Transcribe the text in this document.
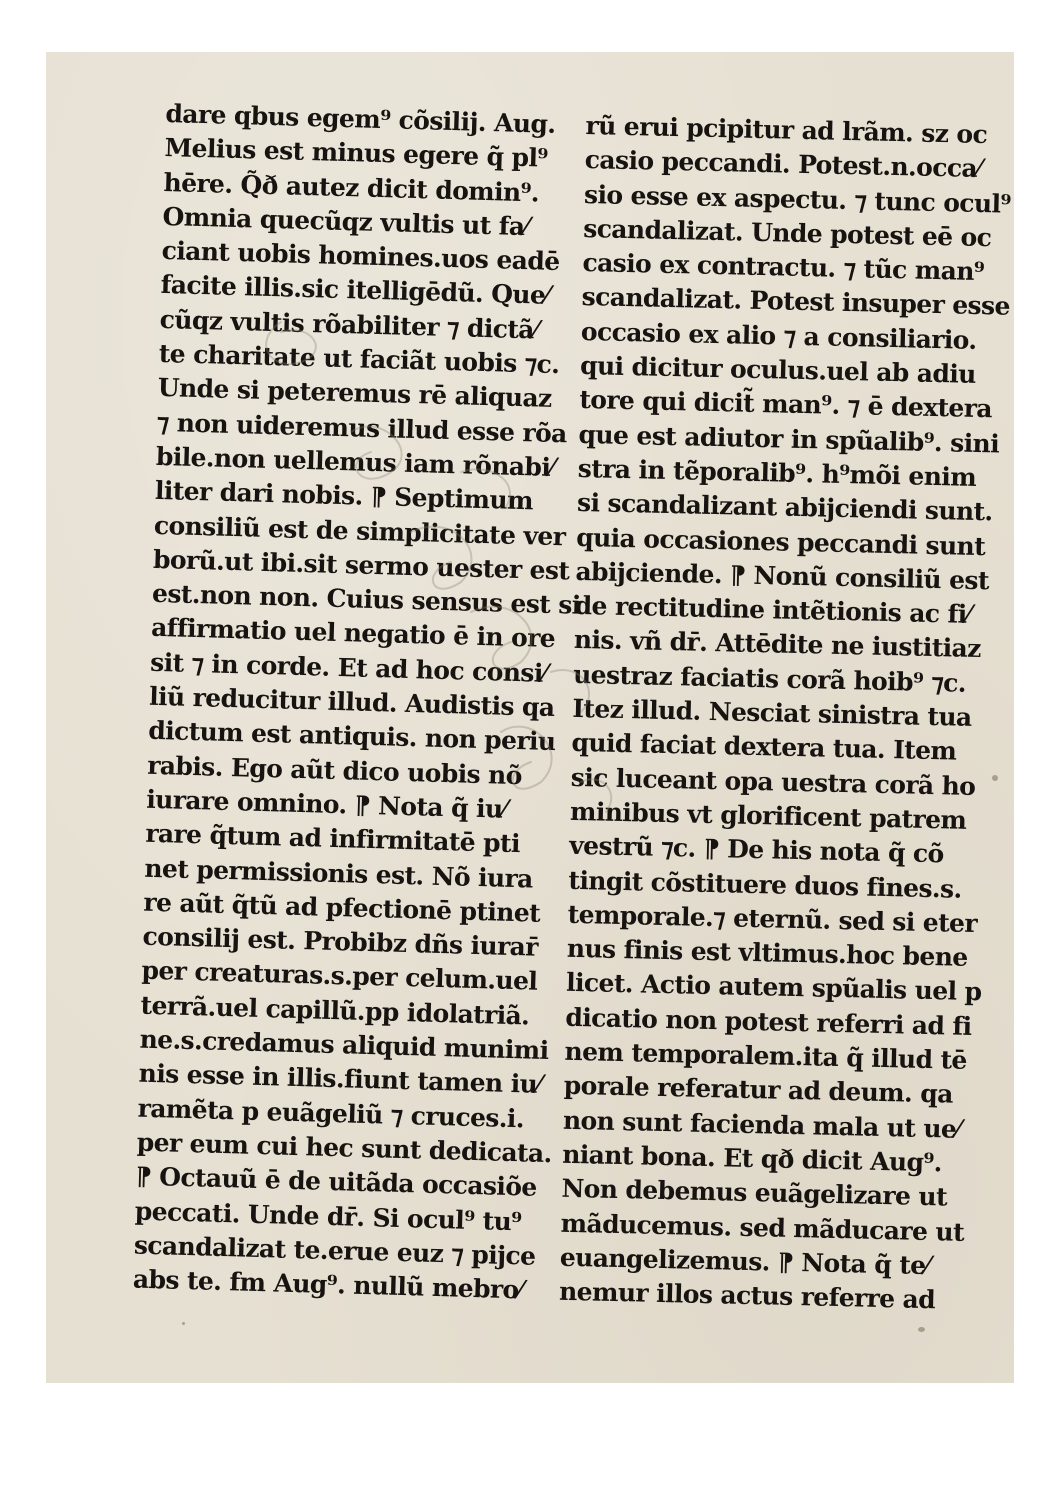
dare qbus egem⁹ cõsilij. Aug.
Melius est minus egere q̃ pl⁹
hēre. Q̃ð autez dicit domin⁹.
Omnia quecũqz vultis ut fa⁄
ciant uobis homines.uos eadē
facite illis.sic itelligēdũ. Que⁄
cũqz vultis rõabiliter ⁊ dictã⁄
te charitate ut faciãt uobis ⁊c.
Unde si peteremus rē aliquaz
⁊ non uideremus illud esse rõa
bile.non uellemus iam rõnabi⁄
liter dari nobis. ⁋ Septimum
consiliũ est de simplicitate ver
borũ.ut ibi.sit sermo uester est
est.non non. Cuius sensus est si
affirmatio uel negatio ē in ore
sit ⁊ in corde. Et ad hoc consi⁄
liũ reducitur illud. Audistis qa
dictum est antiquis. non periu
rabis. Ego aũt dico uobis nõ
iurare omnino. ⁋ Nota q̃ iu⁄
rare q̃tum ad infirmitatē pti
net permissionis est. Nõ iura
re aũt q̃tũ ad pfectionē ptinet
consilij est. Probibz dñs iurar̄
per creaturas.s.per celum.uel
terrã.uel capillũ.pp idolatriã.
ne.s.credamus aliquid munimi
nis esse in illis.fiunt tamen iu⁄
ramẽta p euãgeliũ ⁊ cruces.i.
per eum cui hec sunt dedicata.
⁋ Octauũ ē de uitãda occasiõe
peccati. Unde dr̄. Si ocul⁹ tu⁹
scandalizat te.erue euz ⁊ pijce
abs te. fm Aug⁹. nullũ mebro⁄
rũ erui pcipitur ad lrãm. sz oc
casio peccandi. Potest.n.occa⁄
sio esse ex aspectu. ⁊ tunc ocul⁹
scandalizat. Unde potest eē oc
casio ex contractu. ⁊ tũc man⁹
scandalizat. Potest insuper esse
occasio ex alio ⁊ a consiliario.
qui dicitur oculus.uel ab adiu
tore qui dicit̃ man⁹. ⁊ ē dextera
que est adiutor in spũalib⁹. sini
stra in tẽporalib⁹. h⁹mõi enim
si scandalizant abijciendi sunt.
quia occasiones peccandi sunt
abijciende. ⁋ Nonũ consiliũ est
de rectitudine intẽtionis ac fi⁄
nis. vñ dr̄. Attēdite ne iustitiaz
uestraz faciatis corã hoib⁹ ⁊c.
Itez illud. Nesciat sinistra tua
quid faciat dextera tua. Item
sic luceant opa uestra corã ho
minibus vt glorificent patrem
vestrũ ⁊c. ⁋ De his nota q̃ cõ
tingit cõstituere duos fines.s.
temporale.⁊ eternũ. sed si eter
nus finis est vltimus.hoc bene
licet. Actio autem spũalis uel p
dicatio non potest referri ad fi
nem temporalem.ita q̃ illud tē
porale referatur ad deum. qa
non sunt facienda mala ut ue⁄
niant bona. Et qð dicit Aug⁹.
Non debemus euãgelizare ut
mãducemus. sed mãducare ut
euangelizemus. ⁋ Nota q̃ te⁄
nemur illos actus referre ad
